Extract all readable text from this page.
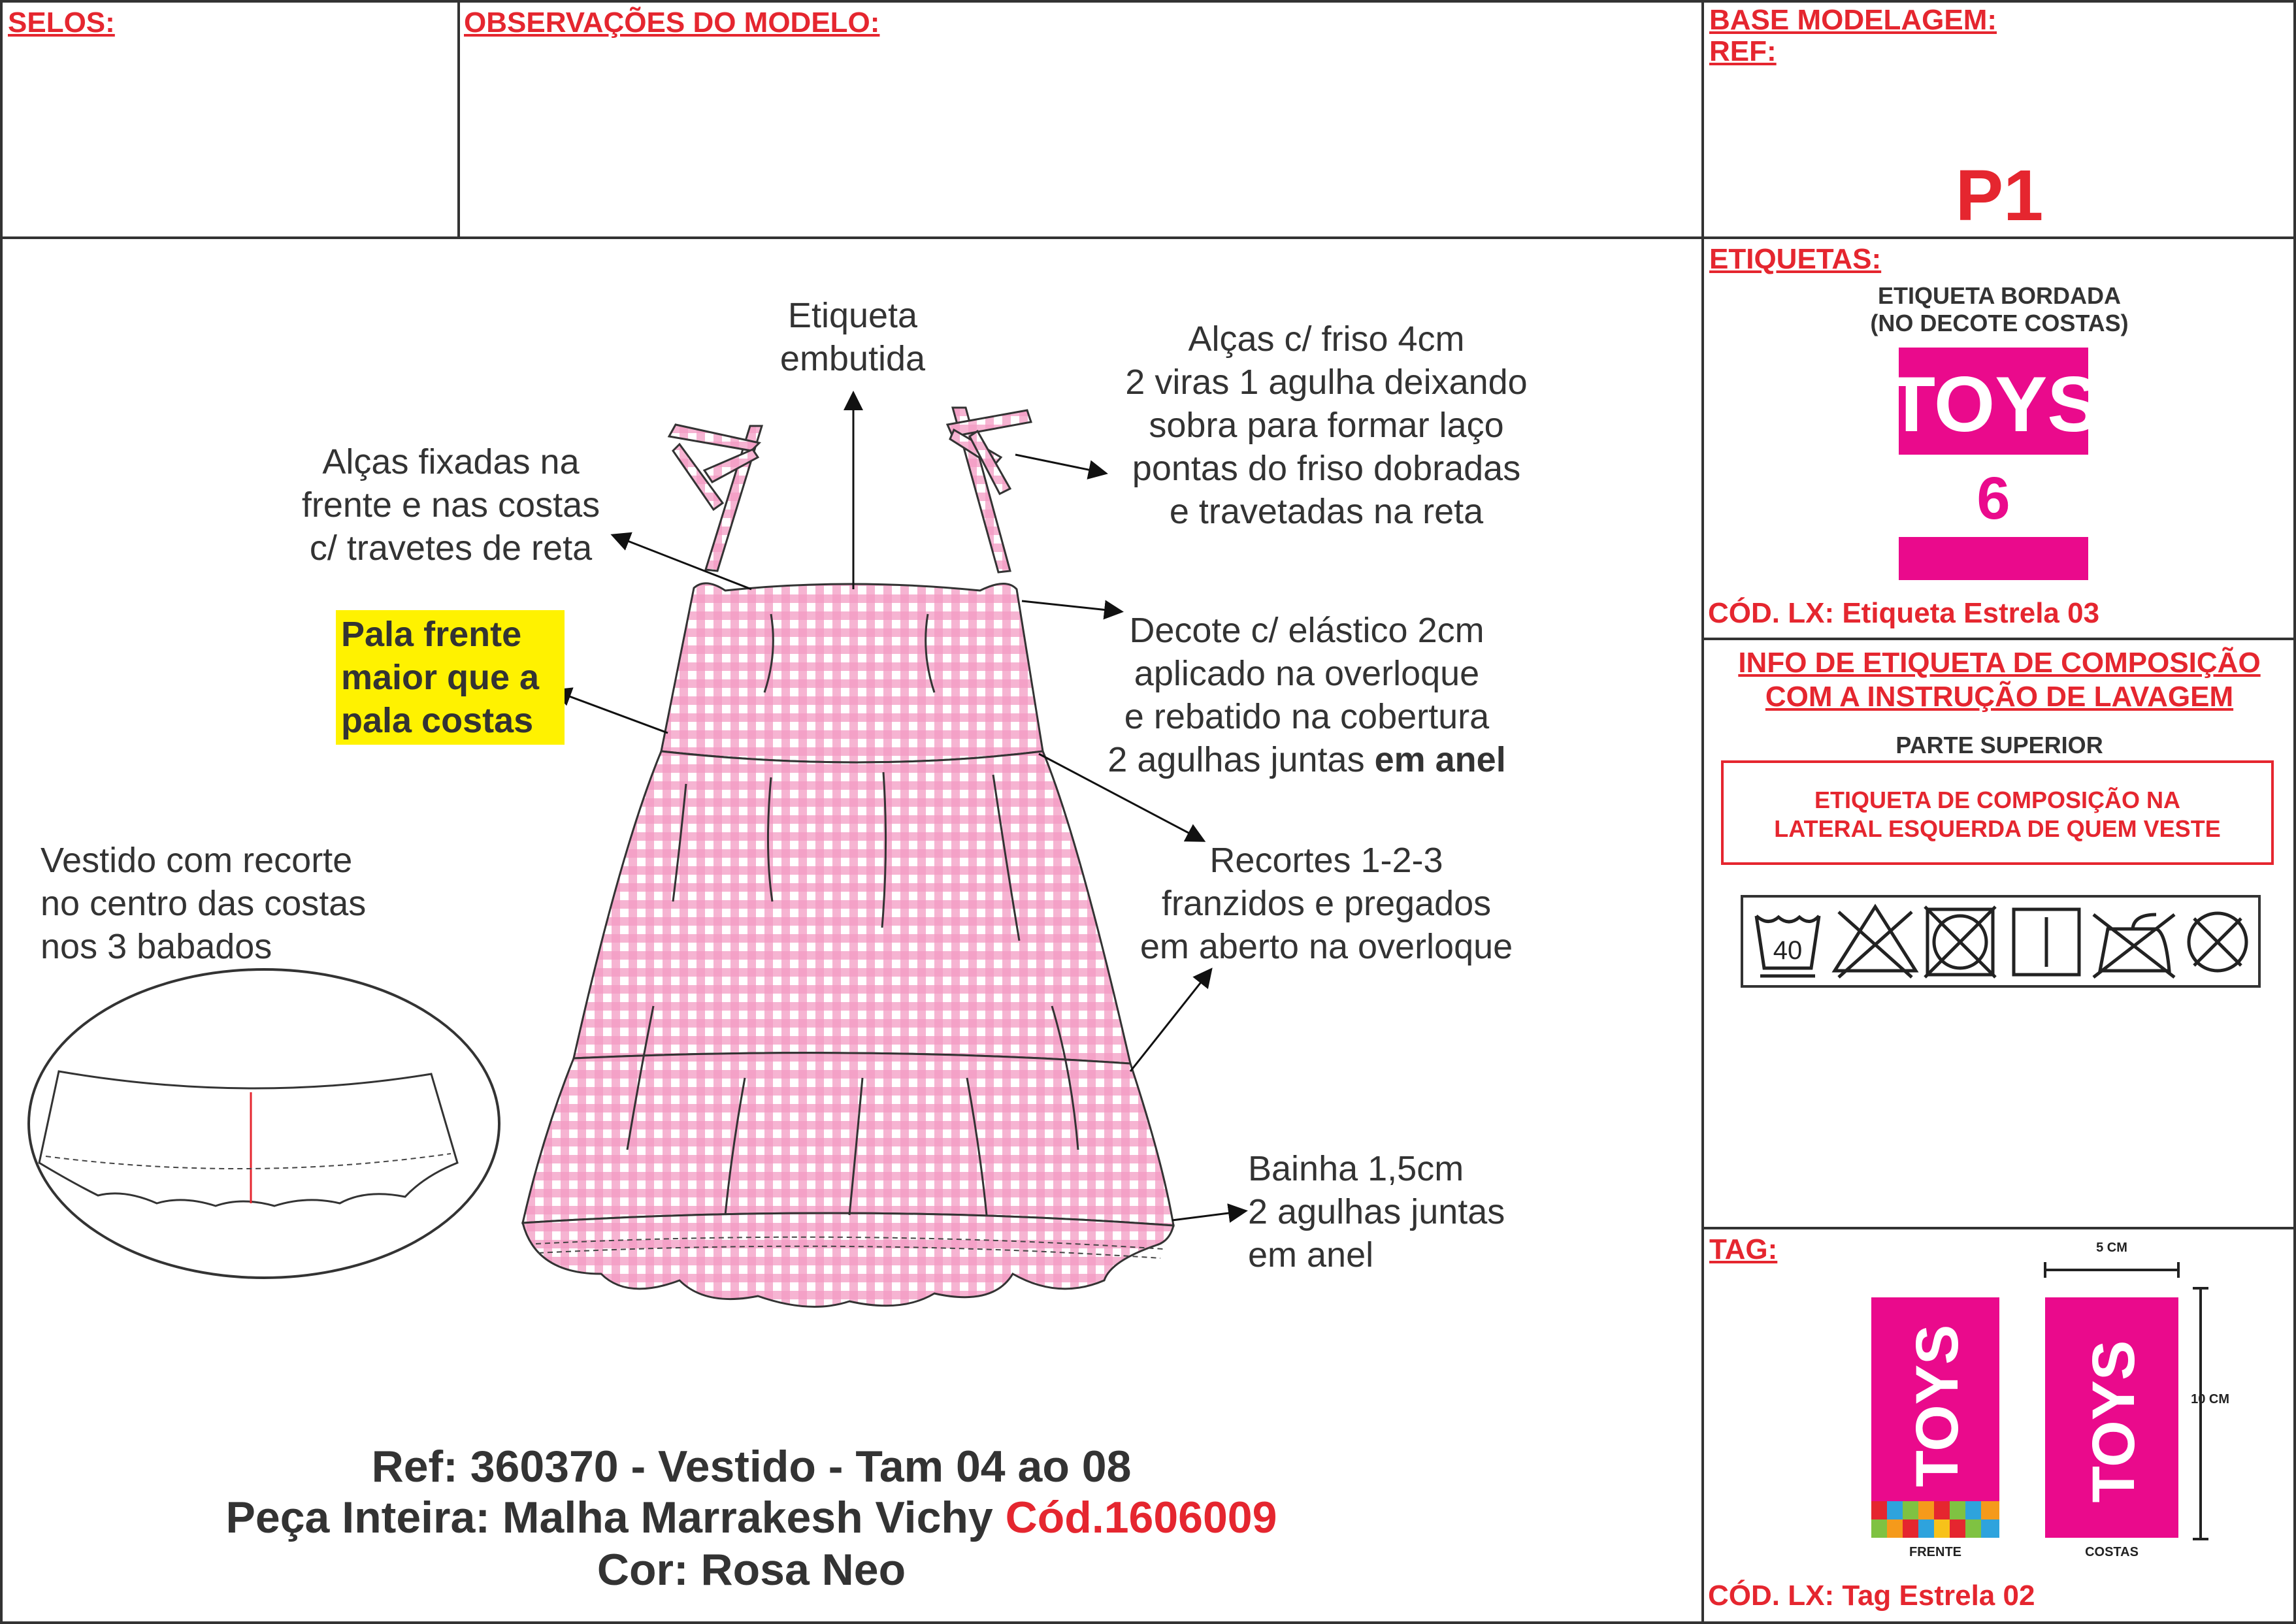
SELOS:	OBSERVAÇÕES DO MODELO:	BASE MODELAGEM:
REF:
P1
ETIQUETAS:
ETIQUETA BORDADA
(NO DECOTE COSTAS)
TOYS
6
CÓD. LX: Etiqueta Estrela 03
INFO DE ETIQUETA DE COMPOSIÇÃO
COM A INSTRUÇÃO DE LAVAGEM
PARTE SUPERIOR
ETIQUETA DE COMPOSIÇÃO NA
LATERAL ESQUERDA DE QUEM VESTE
40
TAG:	5 CM
10 CM
TOYS TOYS
FRENTE	COSTAS
CÓD. LX: Tag Estrela 02
Etiqueta
embutida	Alças c/ friso 4cm
2 viras 1 agulha deixando
sobra para formar laço
pontas do friso dobradas
e travetadas na reta
Alças fixadas na
frente e nas costas
c/ travetes de reta
Pala frente
maior que a
pala costas

Decote c/ elástico 2cm
aplicado na overloque
e rebatido na cobertura
2 agulhas juntas em anel

Recortes 1-2-3
franzidos e pregados
em aberto na overloque
Vestido com recorte
no centro das costas
nos 3 babados
Bainha 1,5cm
2 agulhas juntas
em anel
Ref: 360370 - Vestido - Tam 04 ao 08
Peça Inteira: Malha Marrakesh Vichy Cód.1606009
Cor: Rosa Neo
